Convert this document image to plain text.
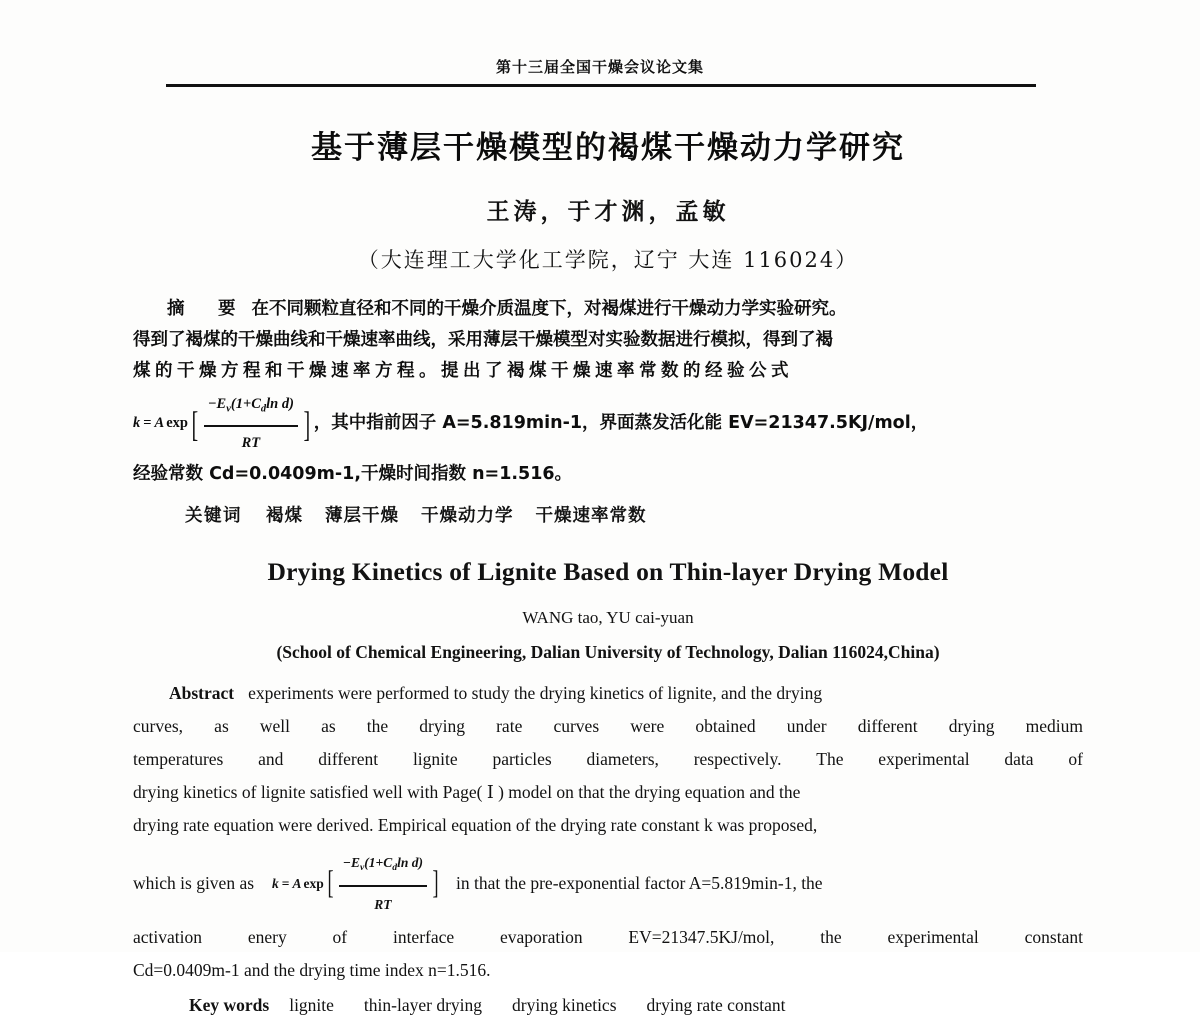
第十三届全国干燥会议论文集
基于薄层干燥模型的褐煤干燥动力学研究
王涛，于才渊，孟敏
（大连理工大学化工学院，辽宁 大连 116024）
摘　要 在不同颗粒直径和不同的干燥介质温度下，对褐煤进行干燥动力学实验研究。
得到了褐煤的干燥曲线和干燥速率曲线，采用薄层干燥模型对实验数据进行模拟，得到了褐
煤的干燥方程和干燥速率方程。提出了褐煤干燥速率常数的经验公式
k = A exp [ $\frac{-E_v(1+C_d\ln d)}{RT}$ ] ，其中指前因子 A=5.819min-1，界面蒸发活化能 EV=21347.5KJ/mol，
经验常数 Cd=0.0409m-1,干燥时间指数 n=1.516。
关键词 褐煤 薄层干燥 干燥动力学 干燥速率常数
Drying Kinetics of Lignite Based on Thin-layer Drying Model
WANG tao, YU cai-yuan
(School of Chemical Engineering, Dalian University of Technology, Dalian 116024,China)
Abstract experiments were performed to study the drying kinetics of lignite, and the drying
curves, as well as the drying rate curves were obtained under different drying medium
temperatures and different lignite particles diameters, respectively. The experimental data of
drying kinetics of lignite satisfied well with Page( Ⅰ ) model on that the drying equation and the
drying rate equation were derived. Empirical equation of the drying rate constant k was proposed,
which is given as k = A exp [ $\frac{-E_v(1+C_d\ln d)}{RT}$ ] in that the pre-exponential factor A=5.819min-1, the
activation	enery	of	interface	evaporation	EV=21347.5KJ/mol,	the	experimental	constant
Cd=0.0409m-1 and the drying time index n=1.516.
Key words lignite thin-layer drying drying kinetics drying rate constant
